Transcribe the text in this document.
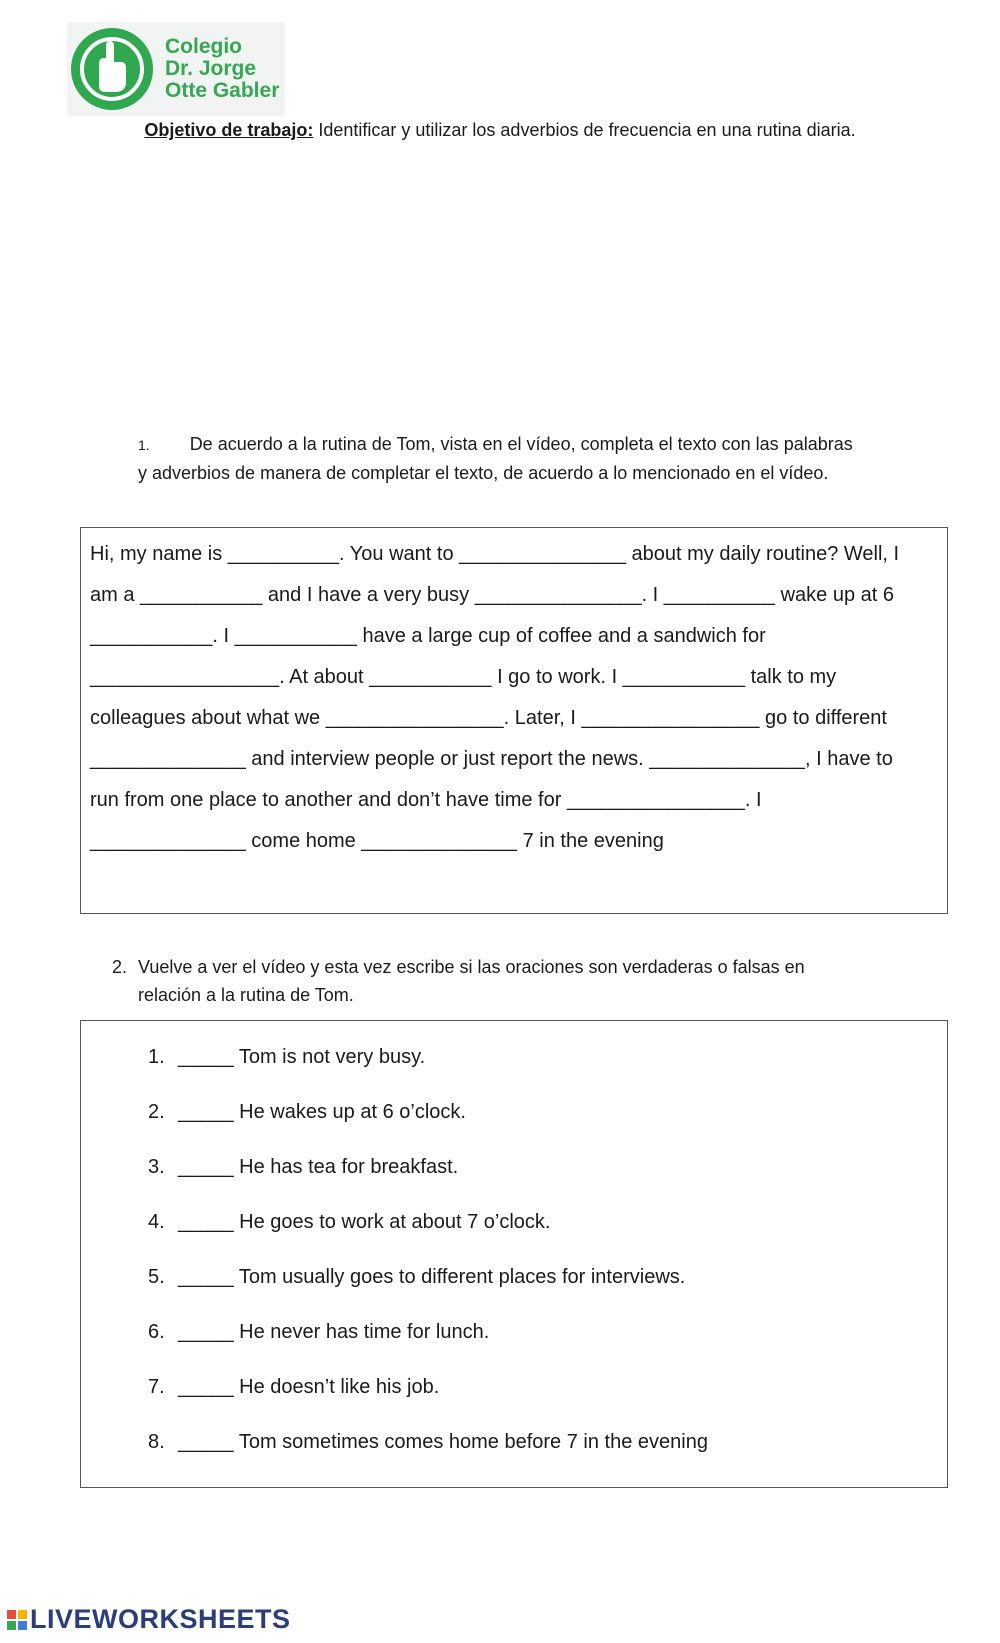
Colegio
Dr. Jorge
Otte Gabler
Objetivo de trabajo: Identificar y utilizar los adverbios de frecuencia en una rutina diaria.
1. De acuerdo a la rutina de Tom, vista en el vídeo, completa el texto con las palabras y adverbios de manera de completar el texto, de acuerdo a lo mencionado en el vídeo.
Hi, my name is __________. You want to _______________ about my daily routine? Well, I
am a ___________ and I have a very busy _______________. I __________ wake up at 6
___________. I ___________ have a large cup of coffee and a sandwich for
_________________. At about ___________ I go to work. I ___________ talk to my
colleagues about what we ________________. Later, I ________________ go to different
______________ and interview people or just report the news. ______________, I have to
run from one place to another and don’t have time for ________________. I
______________ come home ______________ 7 in the evening
2. Vuelve a ver el vídeo y esta vez escribe si las oraciones son verdaderas o falsas en
relación a la rutina de Tom.
1. _____ Tom is not very busy.
2. _____ He wakes up at 6 o’clock.
3. _____ He has tea for breakfast.
4. _____ He goes to work at about 7 o’clock.
5. _____ Tom usually goes to different places for interviews.
6. _____ He never has time for lunch.
7. _____ He doesn’t like his job.
8. _____ Tom sometimes comes home before 7 in the evening
LIVEWORKSHEETS
